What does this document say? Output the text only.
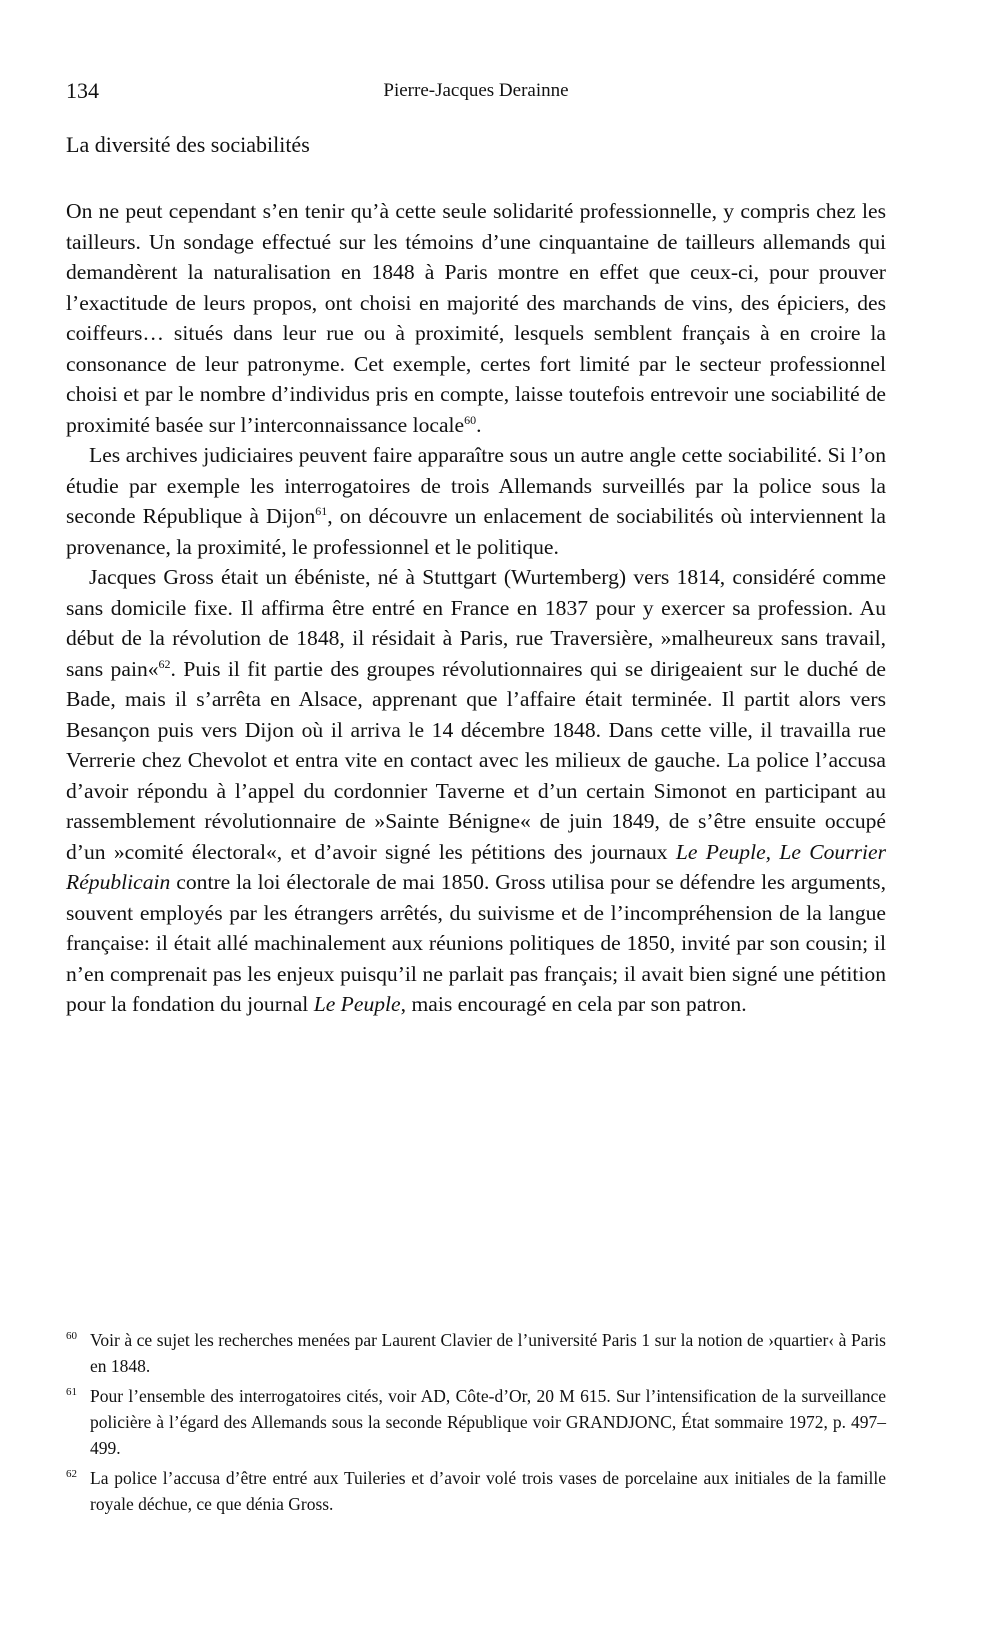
134	Pierre-Jacques Derainne
La diversité des sociabilités

On ne peut cependant s’en tenir qu’à cette seule solidarité professionnelle, y compris chez les tailleurs. Un sondage effectué sur les témoins d’une cinquantaine de tailleurs allemands qui demandèrent la naturalisation en 1848 à Paris montre en effet que ceux-ci, pour prouver l’exactitude de leurs propos, ont choisi en majorité des marchands de vins, des épiciers, des coiffeurs… situés dans leur rue ou à proximité, lesquels semblent français à en croire la consonance de leur patronyme. Cet exemple, certes fort limité par le secteur professionnel choisi et par le nombre d’individus pris en compte, laisse toutefois entrevoir une sociabilité de proximité basée sur l’interconnaissance locale$^{60}$.

Les archives judiciaires peuvent faire apparaître sous un autre angle cette sociabilité. Si l’on étudie par exemple les interrogatoires de trois Allemands surveillés par la police sous la seconde République à Dijon$^{61}$, on découvre un enlacement de sociabilités où interviennent la provenance, la proximité, le professionnel et le politique.

Jacques Gross était un ébéniste, né à Stuttgart (Wurtemberg) vers 1814, considéré comme sans domicile fixe. Il affirma être entré en France en 1837 pour y exercer sa profession. Au début de la révolution de 1848, il résidait à Paris, rue Traversière, »malheureux sans travail, sans pain«$^{62}$. Puis il fit partie des groupes révolutionnaires qui se dirigeaient sur le duché de Bade, mais il s’arrêta en Alsace, apprenant que l’affaire était terminée. Il partit alors vers Besançon puis vers Dijon où il arriva le 14 décembre 1848. Dans cette ville, il travailla rue Verrerie chez Chevolot et entra vite en contact avec les milieux de gauche. La police l’accusa d’avoir répondu à l’appel du cordonnier Taverne et d’un certain Simonot en participant au rassemblement révolutionnaire de »Sainte Bénigne« de juin 1849, de s’être ensuite occupé d’un »comité électoral«, et d’avoir signé les pétitions des journaux Le Peuple, Le Courrier Républicain contre la loi électorale de mai 1850. Gross utilisa pour se défendre les arguments, souvent employés par les étrangers arrêtés, du suivisme et de l’incompréhension de la langue française: il était allé machinalement aux réunions politiques de 1850, invité par son cousin; il n’en comprenait pas les enjeux puisqu’il ne parlait pas français; il avait bien signé une pétition pour la fondation du journal Le Peuple, mais encouragé en cela par son patron.

60 Voir à ce sujet les recherches menées par Laurent Clavier de l’université Paris 1 sur la notion de ›quartier‹ à Paris en 1848.
61 Pour l’ensemble des interrogatoires cités, voir AD, Côte-d’Or, 20 M 615. Sur l’intensification de la surveillance policière à l’égard des Allemands sous la seconde République voir GRANDJONC, État sommaire 1972, p. 497–499.
62 La police l’accusa d’être entré aux Tuileries et d’avoir volé trois vases de porcelaine aux initiales de la famille royale déchue, ce que dénia Gross.
